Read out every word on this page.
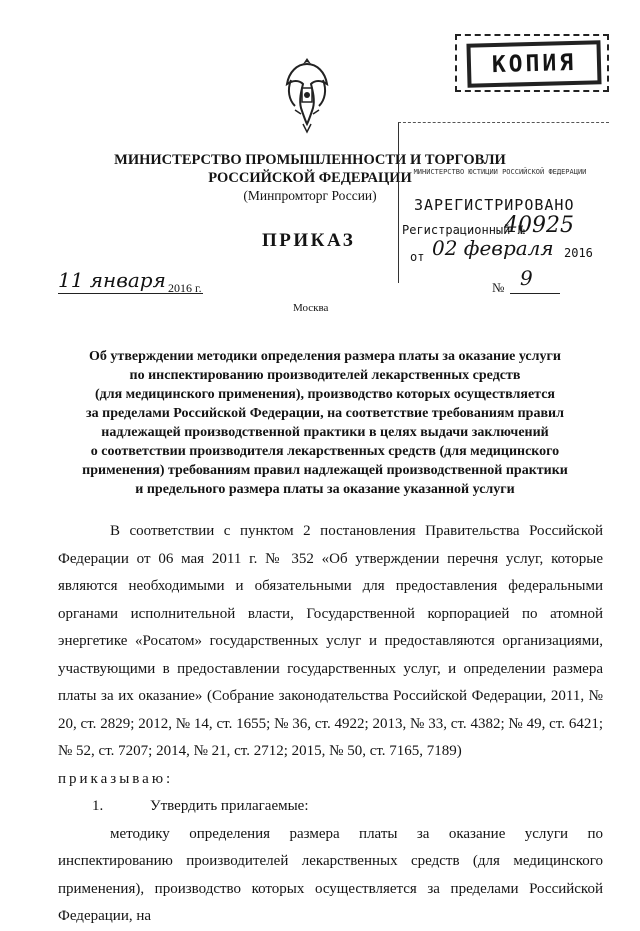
КОПИЯ
МИНИСТЕРСТВО ПРОМЫШЛЕННОСТИ И ТОРГОВЛИ
РОССИЙСКОЙ ФЕДЕРАЦИИ
(Минпромторг России)
ПРИКАЗ
МИНИСТЕРСТВО ЮСТИЦИИ РОССИЙСКОЙ ФЕДЕРАЦИИ
ЗАРЕГИСТРИРОВАНО
Регистрационный №
40925
от 02 февраля 2016
11 января 2016 г.	№ 9
Москва
Об утверждении методики определения размера платы за оказание услуги
по инспектированию производителей лекарственных средств
(для медицинского применения), производство которых осуществляется
за пределами Российской Федерации, на соответствие требованиям правил
надлежащей производственной практики в целях выдачи заключений
о соответствии производителя лекарственных средств (для медицинского
применения) требованиям правил надлежащей производственной практики
и предельного размера платы за оказание указанной услуги

В соответствии с пунктом 2 постановления Правительства Российской Федерации от 06 мая 2011 г. № 352 «Об утверждении перечня услуг, которые являются необходимыми и обязательными для предоставления федеральными органами исполнительной власти, Государственной корпорацией по атомной энергетике «Росатом» государственных услуг и предоставляются организациями, участвующими в предоставлении государственных услуг, и определении размера платы за их оказание» (Собрание законодательства Российской Федерации, 2011, № 20, ст. 2829; 2012, № 14, ст. 1655; № 36, ст. 4922; 2013, № 33, ст. 4382; № 49, ст. 6421; № 52, ст. 7207; 2014, № 21, ст. 2712; 2015, № 50, ст. 7165, 7189)

приказываю:

1.	Утвердить прилагаемые:

методику определения размера платы за оказание услуги по инспектированию производителей лекарственных средств (для медицинского применения), производство которых осуществляется за пределами Российской Федерации, на
